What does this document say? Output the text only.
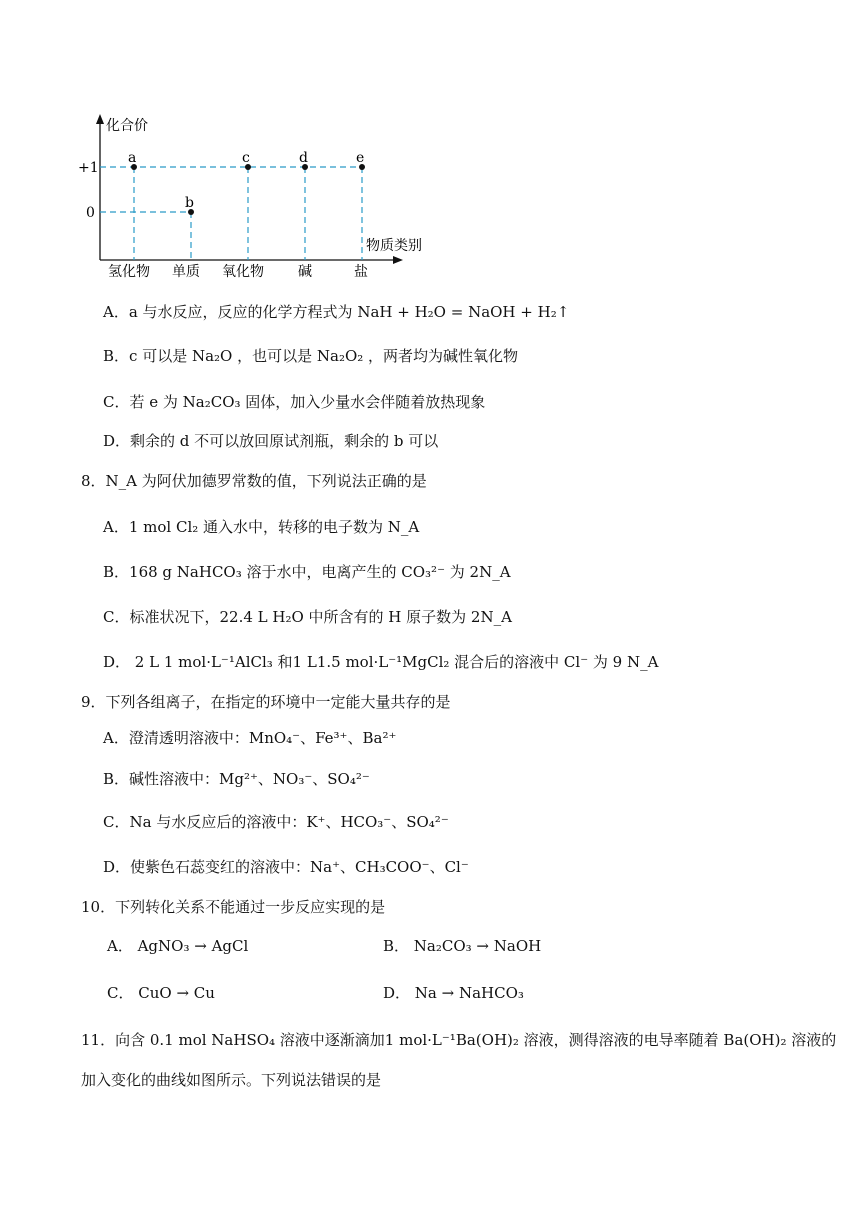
化合价
物质类别
+1
0
a
b
c	d	e
氢化物 单质 氧化物 碱	盐
A．a 与水反应，反应的化学方程式为 NaH + H₂O = NaOH + H₂↑
B．c 可以是 Na₂O ，也可以是 Na₂O₂ ，两者均为碱性氧化物
C．若 e 为 Na₂CO₃ 固体，加入少量水会伴随着放热现象
D．剩余的 d 不可以放回原试剂瓶，剩余的 b 可以
8．N_A 为阿伏加德罗常数的值，下列说法正确的是
A．1 mol Cl₂ 通入水中，转移的电子数为 N_A
B．168 g NaHCO₃ 溶于水中，电离产生的 CO₃²⁻ 为 2N_A
C．标准状况下，22.4 L H₂O 中所含有的 H 原子数为 2N_A
D． 2 L 1 mol·L⁻¹AlCl₃ 和1 L1.5 mol·L⁻¹MgCl₂ 混合后的溶液中 Cl⁻ 为 9 N_A
9．下列各组离子，在指定的环境中一定能大量共存的是
A．澄清透明溶液中：MnO₄⁻、Fe³⁺、Ba²⁺
B．碱性溶液中：Mg²⁺、NO₃⁻、SO₄²⁻
C．Na 与水反应后的溶液中：K⁺、HCO₃⁻、SO₄²⁻
D．使紫色石蕊变红的溶液中：Na⁺、CH₃COO⁻、Cl⁻
10．下列转化关系不能通过一步反应实现的是
A． AgNO₃ → AgCl	B． Na₂CO₃ → NaOH
C． CuO → Cu	D． Na → NaHCO₃
11．向含 0.1 mol NaHSO₄ 溶液中逐渐滴加1 mol·L⁻¹Ba(OH)₂ 溶液，测得溶液的电导率随着 Ba(OH)₂ 溶液的
加入变化的曲线如图所示。下列说法错误的是
